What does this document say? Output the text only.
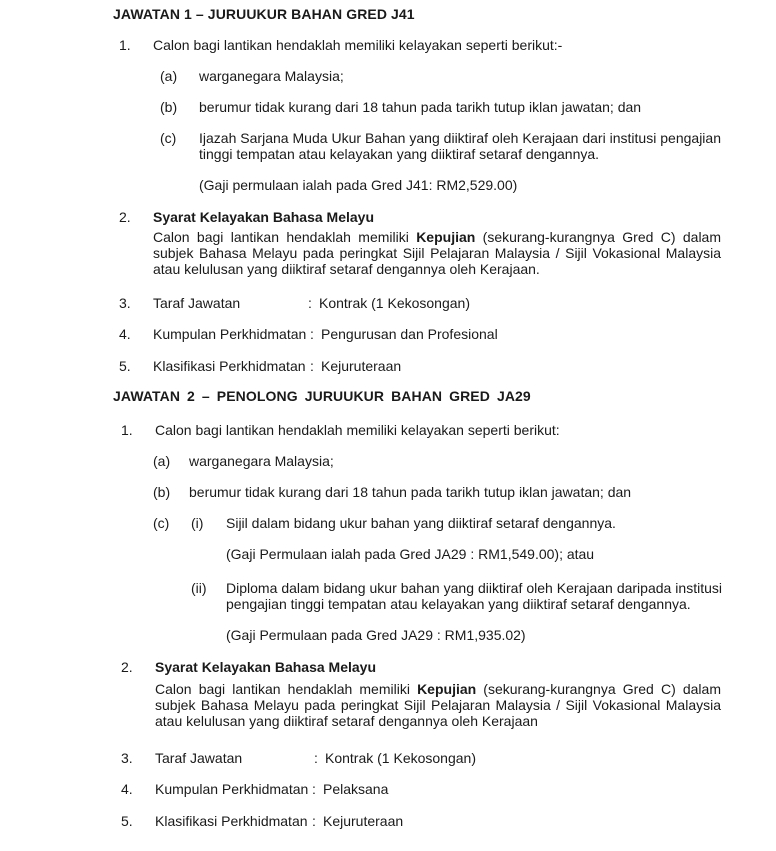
JAWATAN 1 – JURUUKUR BAHAN GRED J41
1. Calon bagi lantikan hendaklah memiliki kelayakan seperti berikut:-
(a) warganegara Malaysia;
(b) berumur tidak kurang dari 18 tahun pada tarikh tutup iklan jawatan; dan
(c) Ijazah Sarjana Muda Ukur Bahan yang diiktiraf oleh Kerajaan dari institusi pengajian tinggi tempatan atau kelayakan yang diiktiraf setaraf dengannya.
(Gaji permulaan ialah pada Gred J41: RM2,529.00)
2. Syarat Kelayakan Bahasa Melayu
Calon bagi lantikan hendaklah memiliki Kepujian (sekurang-kurangnya Gred C) dalam subjek Bahasa Melayu pada peringkat Sijil Pelajaran Malaysia / Sijil Vokasional Malaysia atau kelulusan yang diiktiraf setaraf dengannya oleh Kerajaan.
3. Taraf Jawatan	: Kontrak (1 Kekosongan)
4. Kumpulan Perkhidmatan : Pengurusan dan Profesional
5. Klasifikasi Perkhidmatan : Kejuruteraan
JAWATAN 2 – PENOLONG JURUUKUR BAHAN GRED JA29
1. Calon bagi lantikan hendaklah memiliki kelayakan seperti berikut:
(a) warganegara Malaysia;
(b) berumur tidak kurang dari 18 tahun pada tarikh tutup iklan jawatan; dan
(c) (i) Sijil dalam bidang ukur bahan yang diiktiraf setaraf dengannya.
(Gaji Permulaan ialah pada Gred JA29 : RM1,549.00); atau
(ii) Diploma dalam bidang ukur bahan yang diiktiraf oleh Kerajaan daripada institusi pengajian tinggi tempatan atau kelayakan yang diiktiraf setaraf dengannya.
(Gaji Permulaan pada Gred JA29 : RM1,935.02)
2. Syarat Kelayakan Bahasa Melayu
Calon bagi lantikan hendaklah memiliki Kepujian (sekurang-kurangnya Gred C) dalam subjek Bahasa Melayu pada peringkat Sijil Pelajaran Malaysia / Sijil Vokasional Malaysia atau kelulusan yang diiktiraf setaraf dengannya oleh Kerajaan
3. Taraf Jawatan	: Kontrak (1 Kekosongan)
4. Kumpulan Perkhidmatan : Pelaksana
5. Klasifikasi Perkhidmatan : Kejuruteraan
